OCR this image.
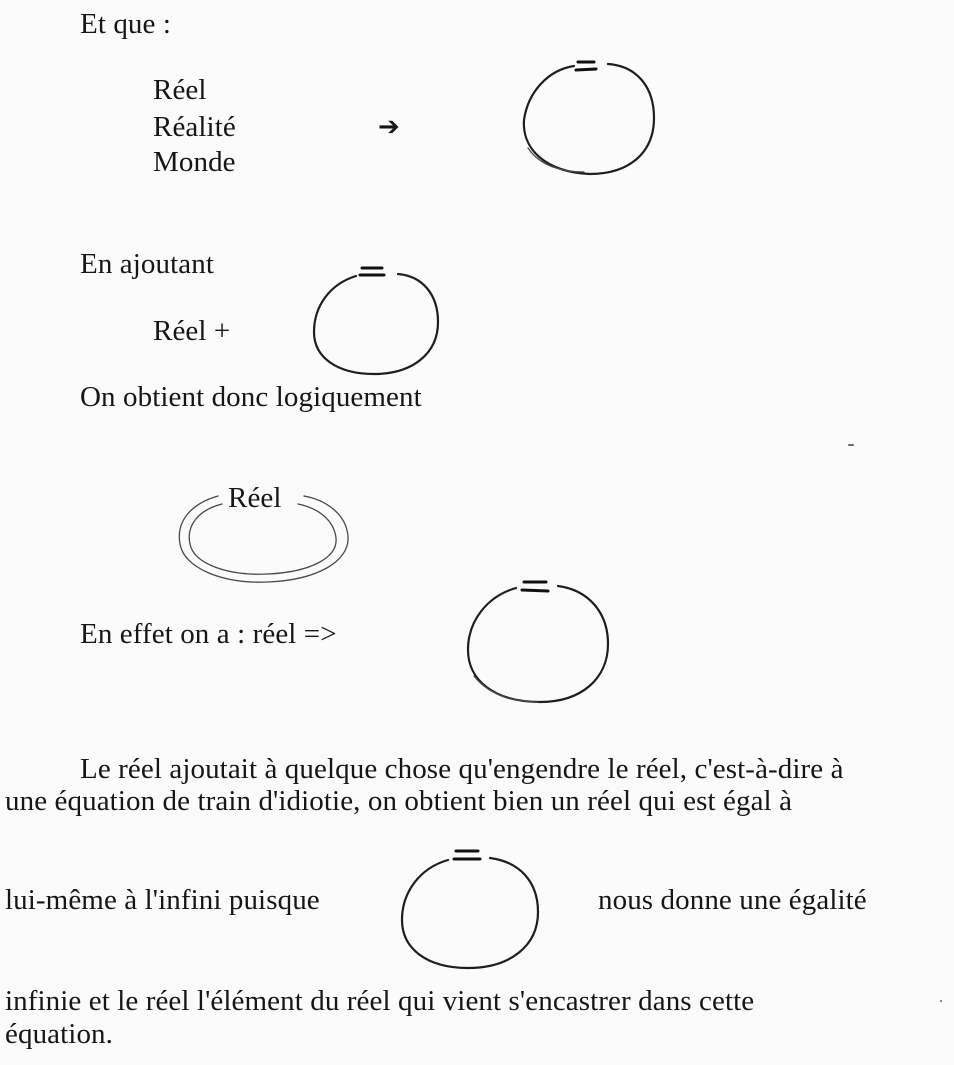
Et que :
Réel
Réalité
Monde
➔
En ajoutant
Réel +
On obtient donc logiquement
Réel
En effet on a : réel =>
Le réel ajoutait à quelque chose qu'engendre le réel, c'est-à-dire à
une équation de train d'idiotie, on obtient bien un réel qui est égal à
lui-même à l'infini puisque	nous donne une égalité
infinie et le réel l'élément du réel qui vient s'encastrer dans cette
équation.
